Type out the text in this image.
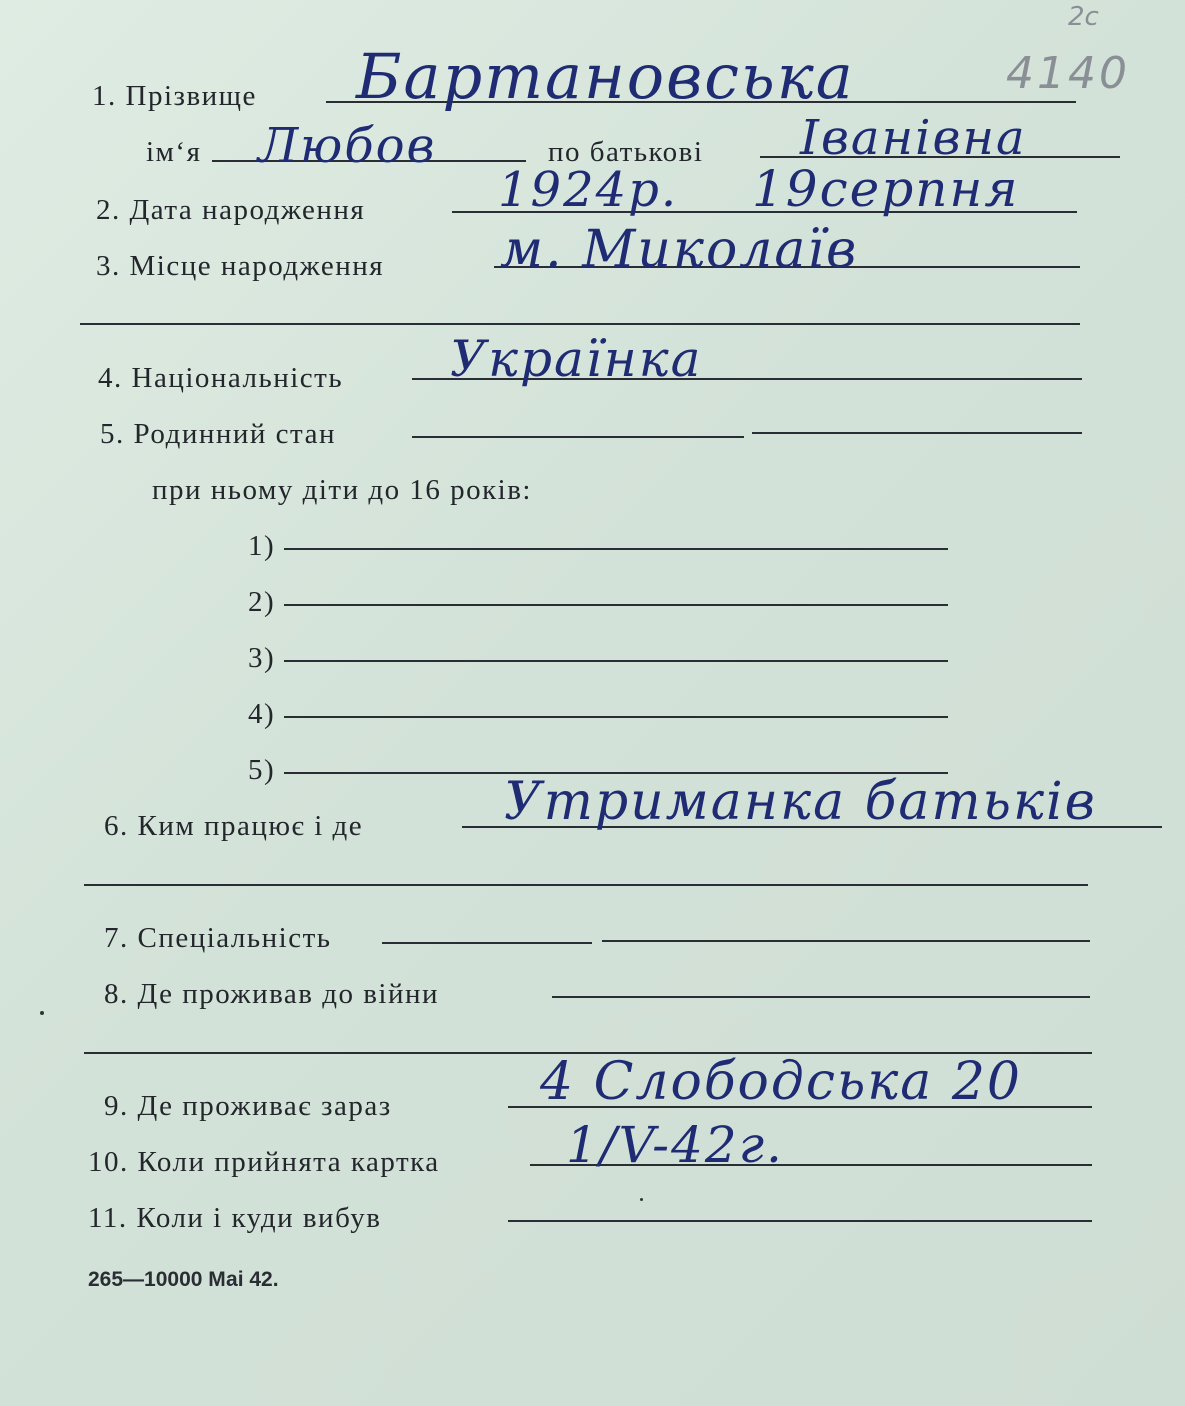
2с
4140
1. Прізвище Бартановська
ім‘я Любов	по батькові Іванівна
2. Дата народження	1924р. 19серпня
3. Місце народження м. Миколаїв
4. Національність Українка
5. Родинний стан
при ньому діти до 16 років:
1)
2)
3)
4)
5)
6. Ким працює і де	Утриманка батьків
7. Спеціальність
8. Де проживав до війни
9. Де проживає зараз	4 Слободська 20
10. Коли прийнята картка	1/V-42г.
11. Коли і куди вибув
265—10000 Маі 42.
